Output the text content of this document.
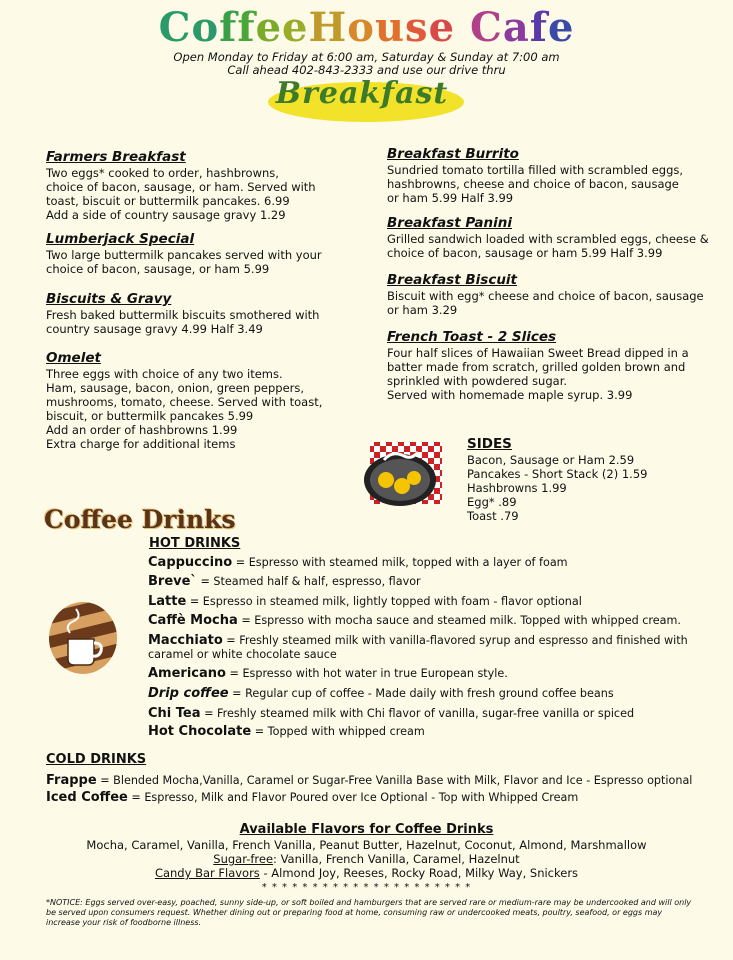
CoffeeHouse Cafe
Open Monday to Friday at 6:00 am, Saturday & Sunday at 7:00 am
Call ahead 402-843-2333 and use our drive thru
Breakfast
Farmers Breakfast
Two eggs* cooked to order, hashbrowns,
choice of bacon, sausage, or ham. Served with
toast, biscuit or buttermilk pancakes. 6.99
Add a side of country sausage gravy 1.29
Lumberjack Special
Two large buttermilk pancakes served with your
choice of bacon, sausage, or ham 5.99
Biscuits & Gravy
Fresh baked buttermilk biscuits smothered with
country sausage gravy 4.99 Half 3.49
Omelet
Three eggs with choice of any two items.
Ham, sausage, bacon, onion, green peppers,
mushrooms, tomato, cheese. Served with toast,
biscuit, or buttermilk pancakes 5.99
Add an order of hashbrowns 1.99
Extra charge for additional items
Breakfast Burrito
Sundried tomato tortilla filled with scrambled eggs,
hashbrowns, cheese and choice of bacon, sausage
or ham 5.99 Half 3.99
Breakfast Panini
Grilled sandwich loaded with scrambled eggs, cheese &
choice of bacon, sausage or ham 5.99 Half 3.99
Breakfast Biscuit
Biscuit with egg* cheese and choice of bacon, sausage
or ham 3.29
French Toast - 2 Slices
Four half slices of Hawaiian Sweet Bread dipped in a
batter made from scratch, grilled golden brown and
sprinkled with powdered sugar.
Served with homemade maple syrup. 3.99
SIDES
Bacon, Sausage or Ham 2.59
Pancakes - Short Stack (2) 1.59
Hashbrowns 1.99
Egg* .89
Toast .79
Coffee Drinks
HOT DRINKS
Cappuccino = Espresso with steamed milk, topped with a layer of foam
Breve` = Steamed half & half, espresso, flavor
Latte = Espresso in steamed milk, lightly topped with foam - flavor optional
Caffè Mocha = Espresso with mocha sauce and steamed milk. Topped with whipped cream.
Macchiato = Freshly steamed milk with vanilla-flavored syrup and espresso and finished with
caramel or white chocolate sauce
Americano = Espresso with hot water in true European style.
Drip coffee = Regular cup of coffee - Made daily with fresh ground coffee beans
Chi Tea = Freshly steamed milk with Chi flavor of vanilla, sugar-free vanilla or spiced
Hot Chocolate = Topped with whipped cream
COLD DRINKS
Frappe = Blended Mocha,Vanilla, Caramel or Sugar-Free Vanilla Base with Milk, Flavor and Ice - Espresso optional
Iced Coffee = Espresso, Milk and Flavor Poured over Ice Optional - Top with Whipped Cream
Available Flavors for Coffee Drinks
Mocha, Caramel, Vanilla, French Vanilla, Peanut Butter, Hazelnut, Coconut, Almond, Marshmallow
Sugar-free: Vanilla, French Vanilla, Caramel, Hazelnut
Candy Bar Flavors - Almond Joy, Reeses, Rocky Road, Milky Way, Snickers
* * * * * * * * * * * * * * * * * * * * *
*NOTICE: Eggs served over-easy, poached, sunny side-up, or soft boiled and hamburgers that are served rare or medium-rare may be undercooked and will only be served upon consumers request. Whether dining out or preparing food at home, consuming raw or undercooked meats, poultry, seafood, or eggs may increase your risk of foodborne illness.
